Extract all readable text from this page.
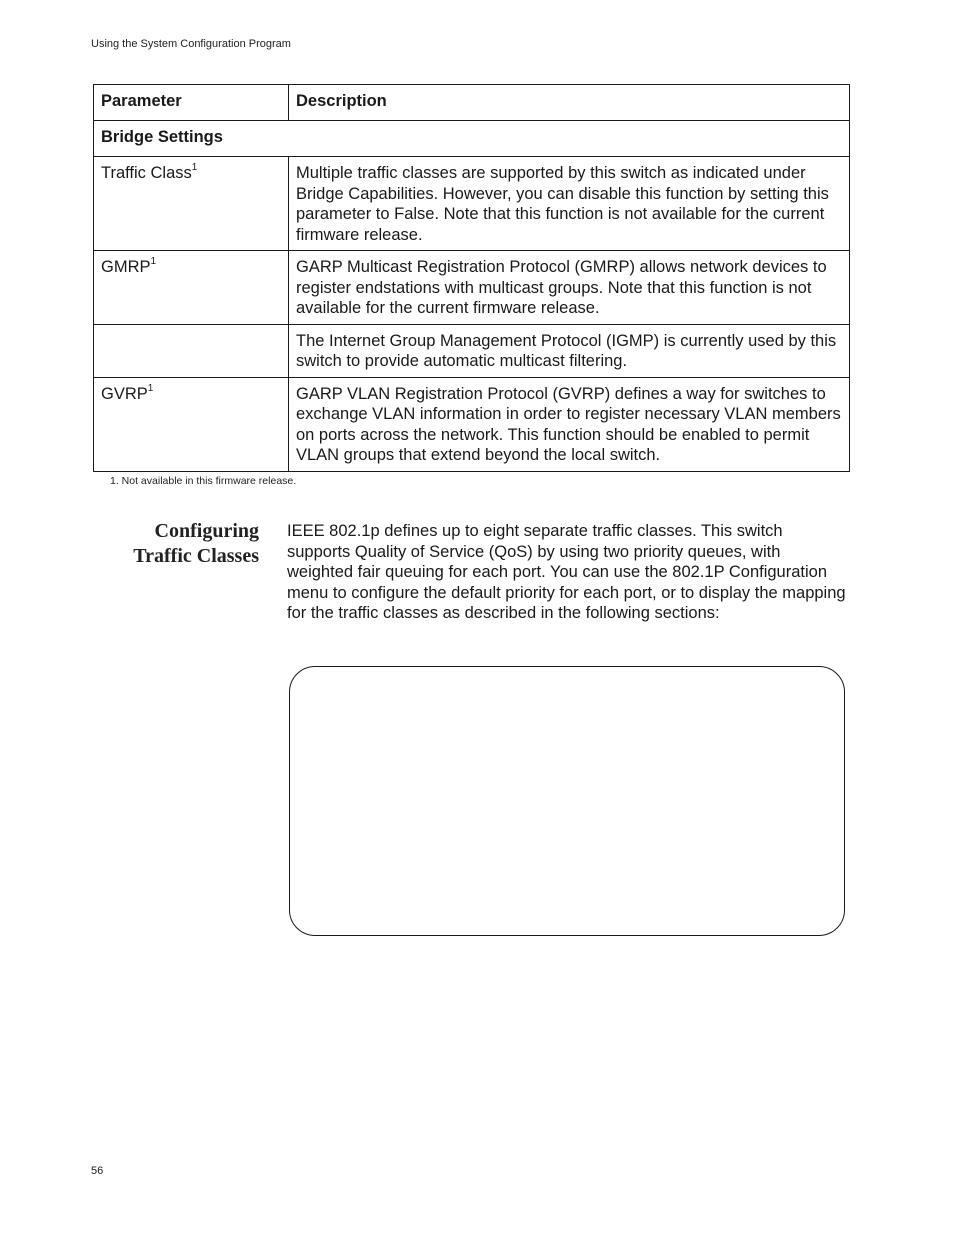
Using the System Configuration Program
Parameter	Description
Bridge Settings	
Traffic Class$^1$	Multiple traffic classes are supported by this switch as indicated under Bridge Capabilities. However, you can disable this function by setting this parameter to False. Note that this function is not available for the current firmware release.
GMRP$^1$	GARP Multicast Registration Protocol (GMRP) allows network devices to register endstations with multicast groups. Note that this function is not available for the current firmware release.
	The Internet Group Management Protocol (IGMP) is currently used by this switch to provide automatic multicast filtering.
GVRP$^1$	GARP VLAN Registration Protocol (GVRP) defines a way for switches to exchange VLAN information in order to register necessary VLAN members on ports across the network. This function should be enabled to permit VLAN groups that extend beyond the local switch.
1. Not available in this firmware release.
Configuring
Traffic Classes

IEEE 802.1p defines up to eight separate traffic classes. This switch supports Quality of Service (QoS) by using two priority queues, with weighted fair queuing for each port. You can use the 802.1P Configuration menu to configure the default priority for each port, or to display the mapping for the traffic classes as described in the following sections:

56
